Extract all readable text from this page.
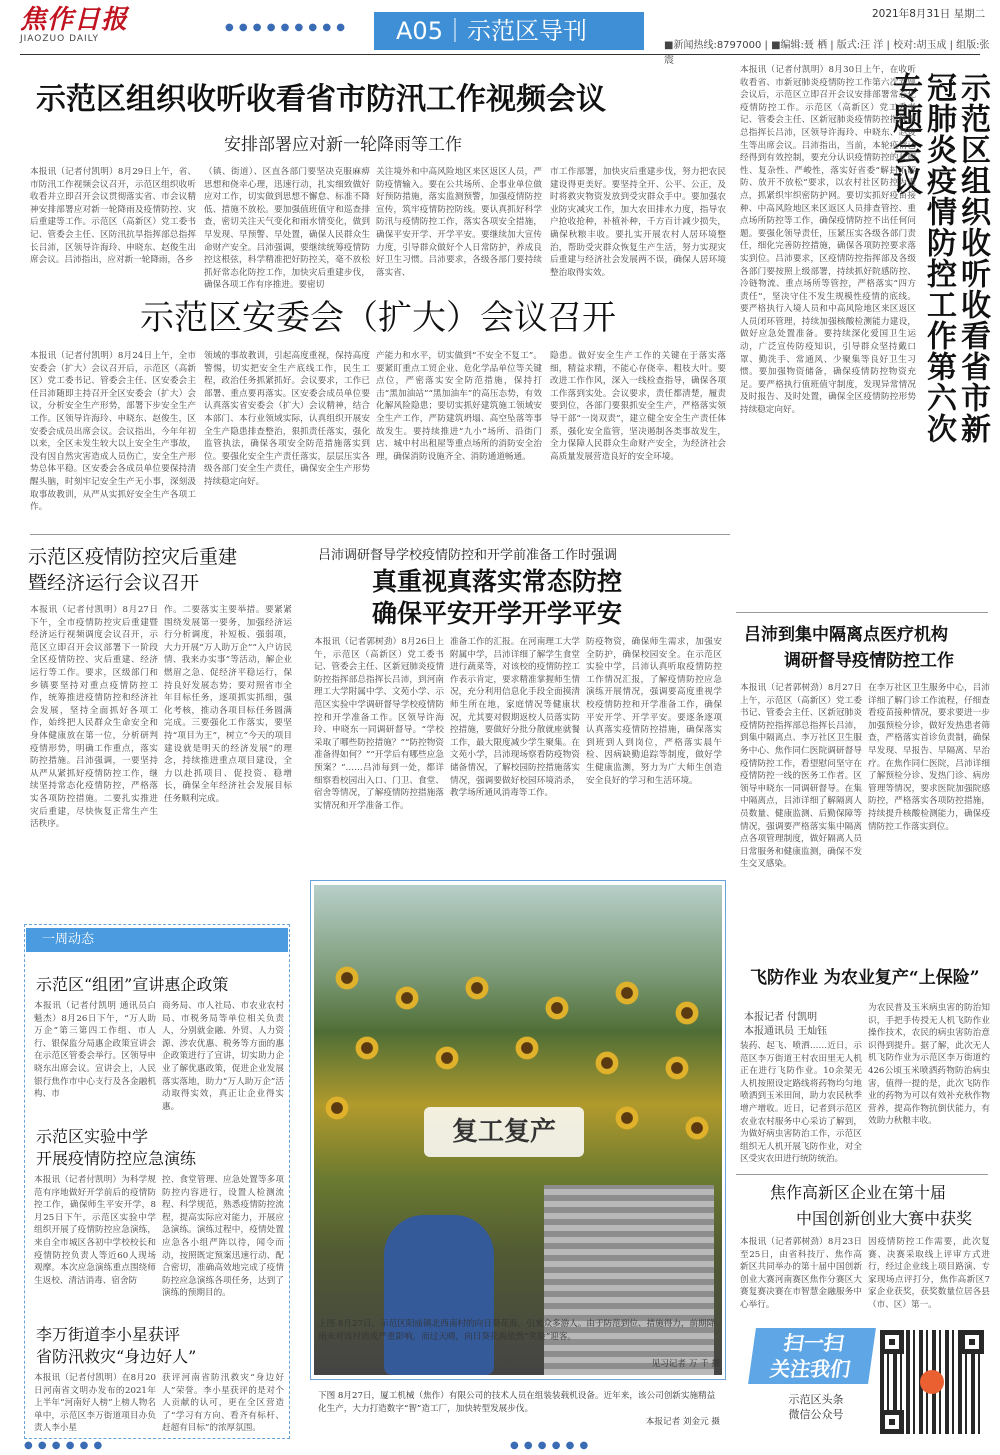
焦作日报
JIAOZUO DAILY
● ● ● ● ● ● ● ● ●	A05｜示范区导刊
2021年8月31日 星期二
■新闻热线:8797000 | ■编辑:聂 栖 | 版式:汪 洋 | 校对:胡玉成 | 组版:张 震
示范区组织收听收看省市防汛工作视频会议
安排部署应对新一轮降雨等工作
本报讯（记者付凯明）8月29日上午，省、市防汛工作视频会议召开，示范区组织收听收看并立即召开会议贯彻落实省、市会议精神安排部署应对新一轮降雨及疫情防控、灾后重建等工作。示范区（高新区）党工委书记、管委会主任、区防汛抗旱指挥部总指挥长吕沛，区领导许海玲、申晓东、赵俊生出席会议。吕沛指出，应对新一轮降雨，各乡
（镇、街道）、区直各部门要坚决克服麻痹思想和侥幸心理，迅速行动，扎实细致做好应对工作，切实做到思想不懈怠、标准不降低、措施不放松。要加强值班值守和巡查排查，密切关注天气变化和雨水情变化，做到早发现、早预警、早处置，确保人民群众生命财产安全。吕沛强调，要继续统筹疫情防控这根弦，科学精准把好防控关，毫不放松抓好常态化防控工作，加快灾后重建步伐，确保各项工作有序推进。要密切
关注境外和中高风险地区来区返区人员，严防疫情输入。要在公共场所、企事业单位做好预防措施，落实监测预警，加强疫情防控宣传，筑牢疫情防控防线。要认真抓好科学防汛与疫情防控工作，落实各项安全措施，确保平安开学、开学平安。要继续加大宣传力度，引导群众做好个人日常防护，养成良好卫生习惯。吕沛要求，各级各部门要持续落实省、
市工作部署，加快灾后重建步伐，努力把农民建设得更美好。要坚持全开、公平、公正，及时将救灾物资发放到受灾群众手中。要加强农业防灾减灾工作，加大农田排水力度，指导农户抢收抢种，补植补种，千方百计减少损失，确保秋粮丰收。要扎实开展农村人居环境整治，帮助受灾群众恢复生产生活，努力实现灾后重建与经济社会发展两不误，确保人居环境整治取得实效。
示范区安委会（扩大）会议召开
本报讯（记者付凯明）8月24日上午，全市安委会（扩大）会议召开后，示范区（高新区）党工委书记、管委会主任、区安委会主任吕沛随即主持召开全区安委会（扩大）会议，分析安全生产形势，部署下步安全生产工作。区领导许海玲、申晓东、赵俊生，区安委会成员出席会议。会议指出，今年年初以来，全区未发生较大以上安全生产事故，没有因自然灾害造成人员伤亡，安全生产形势总体平稳。区安委会各成员单位要保持清醒头脑，时刻牢记安全生产无小事，深刻汲取事故教训，从严从实抓好安全生产各项工作。
领域的事故教训，引起高度重视，保持高度警惕，切实把安全生产底线工作，民生工程，政治任务抓紧抓好。会议要求，工作已部署、重点要再落实。区安委会成员单位要认真落实省安委会（扩大）会议精神，结合本部门、本行业领域实际，认真组织开展安全生产隐患排查整治，狠抓责任落实，强化监管执法，确保各项安全防范措施落实到位。要强化安全生产责任落实，层层压实各级各部门安全生产责任，确保安全生产形势持续稳定向好。
产能力和水平，切实做到“不安全不复工”。要紧盯重点工贸企业、危化学品单位等关键点位，严密落实安全防范措施，保持打击“黑加油站”“黑加油车”的高压态势，有效化解风险隐患；要切实抓好建筑施工领域安全生产工作，严防建筑坍塌、高空坠落等事故发生。要持续推进“九小”场所、沿街门店、城中村出租屋等重点场所的消防安全治理，确保消防设施齐全、消防通道畅通。
隐患。做好安全生产工作的关键在于落实落细，精益求精，不能心存侥幸、粗枝大叶。要改进工作作风，深入一线检查指导，确保各项工作落到实处。会议要求，责任都清楚，履责要到位，各部门要狠抓安全生产，严格落实领导干部“一岗双责”，建立健全安全生产责任体系，强化安全监管，坚决遏制各类事故发生，全力保障人民群众生命财产安全，为经济社会高质量发展营造良好的安全环境。
示范区组织收听收看省市新冠肺炎疫情防控工作第六次专题会议
本报讯（记者付凯明）8月30日上午，在收听收看省、市新冠肺炎疫情防控工作第六次专题会议后，示范区立即召开会议安排部署常态化疫情防控工作。示范区（高新区）党工委书记、管委会主任、区新冠肺炎疫情防控指挥部总指挥长吕沛，区领导许海玲、申晓东、赵俊生等出席会议。吕沛指出，当前，本轮疫情已经得到有效控制，要充分认识疫情防控的长期性、复杂性、严峻性，落实好省委“解封不解防、放开不放松”要求，以农村社区防控为重点，抓紧织牢织密防护网。要切实抓好疫苗接种、中高风险地区来区返区人员排查管控、重点场所防控等工作，确保疫情防控不出任何问题。要强化领导责任，压紧压实各级各部门责任，细化完善防控措施，确保各项防控要求落实到位。吕沛要求，区疫情防控指挥部及各级各部门要按照上级部署，持续抓好院感防控、冷链物流、重点场所等管控，严格落实“四方责任”，坚决守住不发生规模性疫情的底线。要严格执行入境人员和中高风险地区来区返区人员闭环管理，持续加强核酸检测能力建设，做好应急处置准备。要持续深化爱国卫生运动，广泛宣传防疫知识，引导群众坚持戴口罩、勤洗手、常通风、少聚集等良好卫生习惯。要加强物资储备，确保疫情防控物资充足。要严格执行值班值守制度，发现异常情况及时报告、及时处置，确保全区疫情防控形势持续稳定向好。
示范区疫情防控灾后重建
暨经济运行会议召开
本报讯（记者付凯明）8月27日下午，全市疫情防控灾后重建暨经济运行视频调度会议召开，示范区立即召开会议部署下一阶段全区疫情防控、灾后重建、经济运行等工作。要求，区级部门和乡镇要坚持对重点疫情防控工作，统筹推进疫情防控和经济社会发展，坚持全面抓好各项工作，始终把人民群众生命安全和身体健康放在第一位，分析研判疫情形势，明确工作重点，落实防控措施。吕沛强调，一要坚持从严从紧抓好疫情防控工作，继续坚持常态化疫情防控，严格落实各项防控措施。二要扎实推进灾后重建，尽快恢复正常生产生活秩序。
作。二要落实主要举措。要紧紧围绕发展第一要务，加强经济运行分析调度，补短板、强弱项，大力开展“万人助万企”“入户访民情、我来办实事”等活动，解企业燃眉之急、促经济平稳运行，保持良好发展态势；要对照省市全年目标任务，逐项抓实抓细，强化考核，推动各项目标任务圆满完成。三要强化工作落实，要坚持“项目为王”，树立“今天的项目建设就是明天的经济发展”的理念，持续推进重点项目建设，全力以赴抓项目、促投资、稳增长，确保全年经济社会发展目标任务顺利完成。
吕沛调研督导学校疫情防控和开学前准备工作时强调
真重视真落实常态防控
确保平安开学开学平安
本报讯（记者郭树劲）8月26日上午，示范区（高新区）党工委书记、管委会主任、区新冠肺炎疫情防控指挥部总指挥长吕沛，到河南理工大学附属中学、文苑小学、示范区实验中学调研督导学校疫情防控和开学准备工作。区领导许海玲、申晓东一同调研督导。“学校采取了哪些防控措施？”“防控物资准备得如何？”“开学后有哪些应急预案？”……吕沛每到一处，都详细察看校园出入口、门卫、食堂、宿舍等情况，了解疫情防控措施落实情况和开学准备工作。
准备工作的汇报。在河南理工大学附属中学，吕沛详细了解学生食堂进行蔬菜等，对该校的疫情防控工作表示肯定，要求精准掌握师生情况，充分利用信息化手段全面摸清师生所在地，家庭情况等健康状况，尤其要对假期返校人员落实防控措施，要做好分批分散就座就餐工作，最大限度减少学生聚集。在文苑小学，吕沛现场察看防疫物资储备情况，了解校园防控措施落实情况，强调要做好校园环境消杀，教学场所通风消毒等工作。
防疫物资，确保师生需求，加强安全防护，确保校园安全。在示范区实验中学，吕沛认真听取疫情防控工作情况汇报，了解疫情防控应急演练开展情况，强调要高度重视学校疫情防控和开学准备工作，确保平安开学、开学平安。要逐条逐项认真落实疫情防控措施，确保落实到班到人到岗位，严格落实晨午检、因病缺勤追踪等制度，做好学生健康监测，努力为广大师生创造安全良好的学习和生活环境。
吕沛到集中隔离点医疗机构
调研督导疫情防控工作
本报讯（记者郭树劲）8月27日上午，示范区（高新区）党工委书记、管委会主任、区新冠肺炎疫情防控指挥部总指挥长吕沛，到集中隔离点、李万社区卫生服务中心、焦作同仁医院调研督导疫情防控工作，看望慰问坚守在疫情防控一线的医务工作者。区领导申晓东一同调研督导。在集中隔离点，吕沛详细了解隔离人员数量、健康监测、后勤保障等情况，强调要严格落实集中隔离点各项管理制度，做好隔离人员日常服务和健康监测，确保不发生交叉感染。
在李万社区卫生服务中心，吕沛详细了解门诊工作流程，仔细查看疫苗接种情况，要求要进一步加强预检分诊，做好发热患者筛查，严格落实首诊负责制，确保早发现、早报告、早隔离、早治疗。在焦作同仁医院，吕沛详细了解预检分诊、发热门诊、病房管理等情况，要求医院加强院感防控，严格落实各项防控措施，持续提升核酸检测能力，确保疫情防控工作落实到位。
飞防作业 为农业复产“上保险”
本报记者 付凯明
本报通讯员 王灿钰
装药、起飞、喷洒……近日，示范区李万街道王村农田里无人机正在进行飞防作业。10余架无人机按照设定路线将药物均匀地喷洒到玉米田间，助力农民秋季增产增收。近日，记者到示范区农业农村服务中心采访了解到，为做好病虫害防治工作，示范区组织无人机开展飞防作业，对全区受灾农田进行统防统治。
为农民普及玉米病虫害的防治知识，手把手传授无人机飞防作业操作技术，农民的病虫害防治意识得到提升。据了解，此次无人机飞防作业为示范区李万街道约426公顷玉米喷洒药物防治病虫害，值得一提的是，此次飞防作业的药物为可以有效补充秋作物营养，提高作物抗倒伏能力，有效助力秋粮丰收。
焦作高新区企业在第十届
中国创新创业大赛中获奖
本报讯（记者郭树劲）8月23日至25日，由省科技厅、焦作高新区共同举办的第十届中国创新创业大赛河南赛区焦作分赛区大赛复赛决赛在市智慧金融服务中心举行。
因疫情防控工作需要，此次复赛、决赛采取线上评审方式进行，经过企业线上项目路演、专家现场点评打分，焦作高新区7家企业获奖，获奖数量位居各县（市、区）第一。
一周动态
示范区“组团”宣讲惠企政策
本报讯（记者付凯明 通讯员白魁杰）8月26日下午，“万人助万企”第三第四工作组、市人行、银保监分局惠企政策宣讲会在示范区管委会举行。区领导申晓东出席会议。宣讲会上，人民银行焦作市中心支行及各金融机构、市
商务局、市人社局、市农业农村局、市税务局等单位相关负责人，分别就金融、外贸、人力资源、涉农优惠、税务等方面的惠企政策进行了宣讲，切实助力企业了解优惠政策，促进企业发展落实落地，助力“万人助万企”活动取得实效，真正让企业得实惠。
示范区实验中学
开展疫情防控应急演练
本报讯（记者付凯明）为科学规范有序地做好开学前后的疫情防控工作，确保师生平安开学，8月25日下午，示范区实验中学组织开展了疫情防控应急演练，来自全市城区各初中学校校长和疫情防控负责人等近60人现场观摩。本次应急演练重点围绕师生返校、清洁消毒、宿舍防
控、食堂管理、应急处置等多项防控内容进行，设置人检测流程、科学规范，熟悉疫情防控流程，提高实际应对能力，开展应急演练。演练过程中，疫情处置应急各小组严阵以待，闻令而动，按照既定预案迅速行动、配合密切，准确高效地完成了疫情防控应急演练各项任务，达到了演练的预期目的。
李万街道李小星获评
省防汛救灾“身边好人”
本报讯（记者付凯明）在8月20日河南省文明办发布的2021年上半年“河南好人榜”上榜人物名单中，示范区李万街道项目办负责人李小星
获评河南省防汛救灾“身边好人”荣誉。李小星获评的是对个人贡献的认可，更在全区营造了“学习有方向、看齐有标杆、赶超有目标”的浓厚氛围。
复工复产
上图 8月27日，示范区阳庙镇北西南村的向日葵花海，引来众多游人。由于防范到位、措施得力，前期降雨未对该村造成严重影响，而过天晴，向日葵花海依然“笑脸”迎客。
见习记者 万 千 摄
下图 8月27日，厦工机械（焦作）有限公司的技术人员在组装装载机设备。近年来，该公司创新实施精益化生产，大力打造数字“智”造工厂，加快转型发展步伐。
本报记者 刘金元 摄
扫一扫
关注我们
示范区头条
微信公众号
● ● ● ● ● ●	● ● ● ● ● ●
